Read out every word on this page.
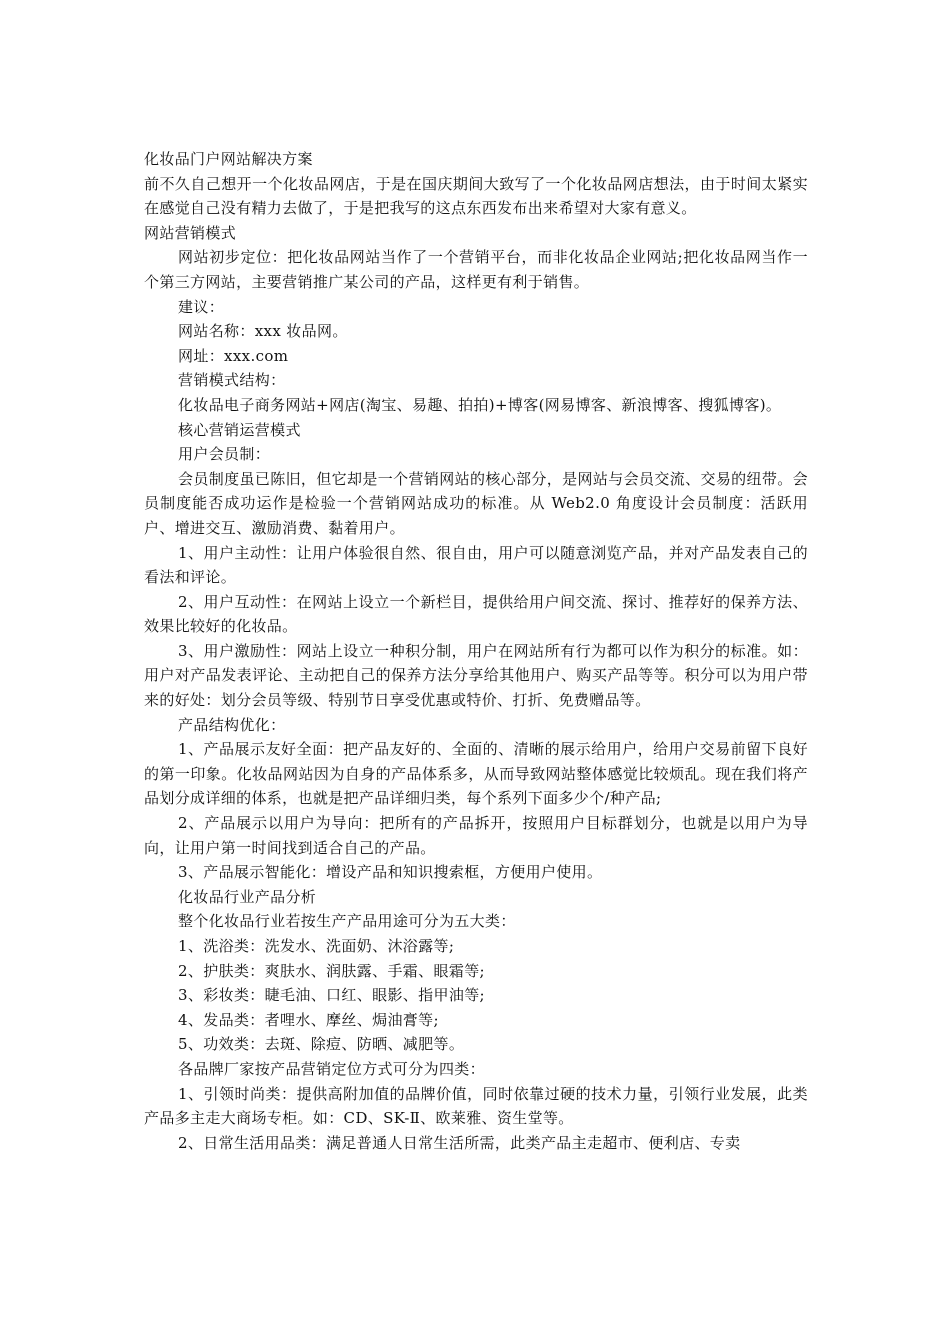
化妆品门户网站解决方案

前不久自己想开一个化妆品网店，于是在国庆期间大致写了一个化妆品网店想法，由于时间太紧实在感觉自己没有精力去做了，于是把我写的这点东西发布出来希望对大家有意义。

网站营销模式

网站初步定位：把化妆品网站当作了一个营销平台，而非化妆品企业网站;把化妆品网当作一个第三方网站，主要营销推广某公司的产品，这样更有利于销售。

建议：

网站名称：xxx 妆品网。

网址：xxx.com

营销模式结构：

化妆品电子商务网站+网店(淘宝、易趣、拍拍)+博客(网易博客、新浪博客、搜狐博客)。

核心营销运营模式

用户会员制：

会员制度虽已陈旧，但它却是一个营销网站的核心部分，是网站与会员交流、交易的纽带。会员制度能否成功运作是检验一个营销网站成功的标准。从 Web2.0 角度设计会员制度：活跃用户、增进交互、激励消费、黏着用户。

1、用户主动性：让用户体验很自然、很自由，用户可以随意浏览产品，并对产品发表自己的看法和评论。

2、用户互动性：在网站上设立一个新栏目，提供给用户间交流、探讨、推荐好的保养方法、效果比较好的化妆品。

3、用户激励性：网站上设立一种积分制，用户在网站所有行为都可以作为积分的标准。如：用户对产品发表评论、主动把自己的保养方法分享给其他用户、购买产品等等。积分可以为用户带来的好处：划分会员等级、特别节日享受优惠或特价、打折、免费赠品等。

产品结构优化：

1、产品展示友好全面：把产品友好的、全面的、清晰的展示给用户，给用户交易前留下良好的第一印象。化妆品网站因为自身的产品体系多，从而导致网站整体感觉比较烦乱。现在我们将产品划分成详细的体系，也就是把产品详细归类，每个系列下面多少个/种产品;

2、产品展示以用户为导向：把所有的产品拆开，按照用户目标群划分，也就是以用户为导向，让用户第一时间找到适合自己的产品。

3、产品展示智能化：增设产品和知识搜索框，方便用户使用。

化妆品行业产品分析

整个化妆品行业若按生产产品用途可分为五大类：

1、洗浴类：洗发水、洗面奶、沐浴露等;

2、护肤类：爽肤水、润肤露、手霜、眼霜等;

3、彩妆类：睫毛油、口红、眼影、指甲油等;

4、发品类：者哩水、摩丝、焗油膏等;

5、功效类：去斑、除痘、防晒、减肥等。

各品牌厂家按产品营销定位方式可分为四类：

1、引领时尚类：提供高附加值的品牌价值，同时依靠过硬的技术力量，引领行业发展，此类产品多主走大商场专柜。如：CD、SK-Ⅱ、欧莱雅、资生堂等。

2、日常生活用品类：满足普通人日常生活所需，此类产品主走超市、便利店、专卖
